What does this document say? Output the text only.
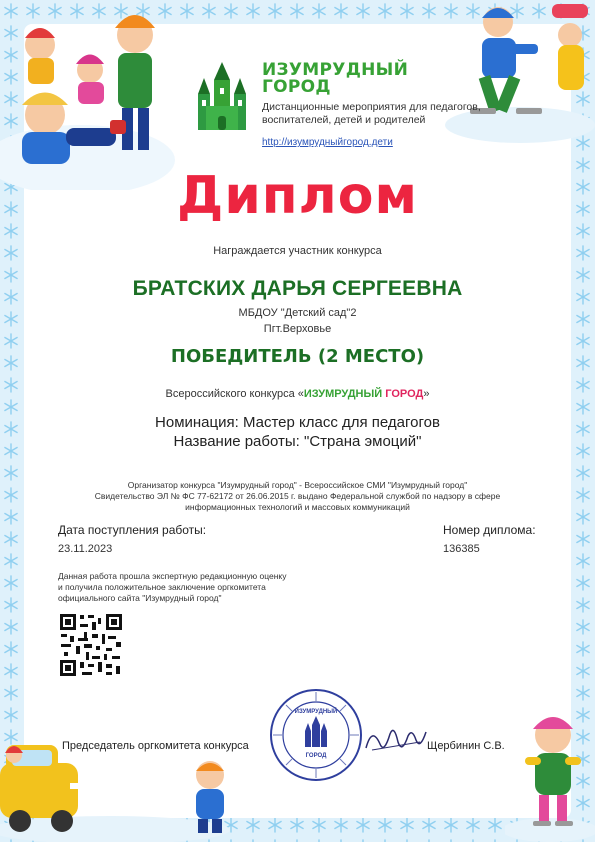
ИЗУМРУДНЫЙ
ГОРОД
Дистанционные мероприятия для педагогов, воспитателей, детей и родителей
http://изумрудныйгород.дети
Диплом
Награждается участник конкурса
БРАТСКИХ ДАРЬЯ СЕРГЕЕВНА
МБДОУ "Детский сад"2
Пгт.Верховье
ПОБЕДИТЕЛЬ (2 МЕСТО)
Всероссийского конкурса «ИЗУМРУДНЫЙ ГОРОД»
Номинация: Мастер класс для педагогов
Название работы: "Страна эмоций"
Организатор конкурса "Изумрудный город" - Всероссийское СМИ "Изумрудный город"
Свидетельство ЭЛ № ФС 77-62172 от 26.06.2015 г. выдано Федеральной службой по надзору в сфере
информационных технологий и массовых коммуникаций
Дата поступления работы:
23.11.2023
Номер диплома:
136385
Данная работа прошла экспертную редакционную оценку
и получила положительное заключение оргкомитета
официального сайта "Изумрудный город"
Председатель оргкомитета конкурса	Щербинин С.В.
ИЗУМРУДНЫЙ
ГОРОД
